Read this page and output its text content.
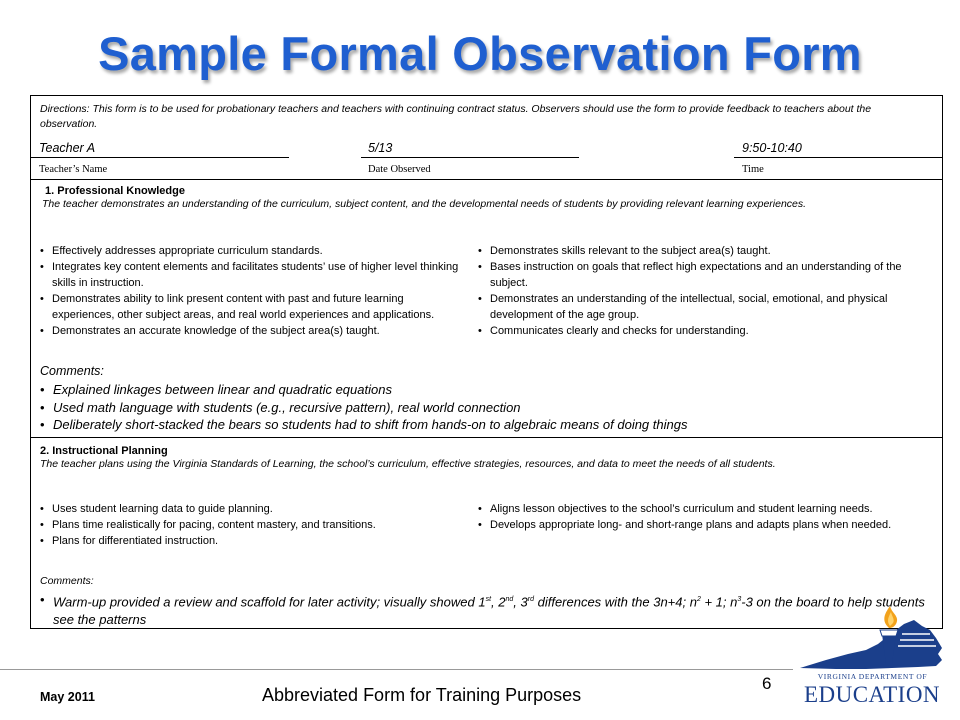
Sample Formal Observation Form
Directions: This form is to be used for probationary teachers and teachers with continuing contract status. Observers should use the form to provide feedback to teachers about the observation.
Teacher A	5/13	9:50-10:40
Teacher’s Name	Date Observed	Time
1. Professional Knowledge
The teacher demonstrates an understanding of the curriculum, subject content, and the developmental needs of students by providing relevant learning experiences.
• Effectively addresses appropriate curriculum standards.
• Integrates key content elements and facilitates students’ use of higher level thinking skills in instruction.
• Demonstrates ability to link present content with past and future learning experiences, other subject areas, and real world experiences and applications.
• Demonstrates an accurate knowledge of the subject area(s) taught.
• Demonstrates skills relevant to the subject area(s) taught.
• Bases instruction on goals that reflect high expectations and an understanding of the subject.
• Demonstrates an understanding of the intellectual, social, emotional, and physical development of the age group.
• Communicates clearly and checks for understanding.
Comments:
• Explained linkages between linear and quadratic equations
• Used math language with students (e.g., recursive pattern), real world connection
• Deliberately short-stacked the bears so students had to shift from hands-on to algebraic means of doing things
2. Instructional Planning
The teacher plans using the Virginia Standards of Learning, the school’s curriculum, effective strategies, resources, and data to meet the needs of all students.
• Uses student learning data to guide planning.
• Plans time realistically for pacing, content mastery, and transitions.
• Plans for differentiated instruction.
• Aligns lesson objectives to the school’s curriculum and student learning needs.
• Develops appropriate long- and short-range plans and adapts plans when needed.
Comments:
• Warm-up provided a review and scaffold for later activity; visually showed 1st, 2nd, 3rd differences with the 3n+4; $n^2 + 1$; $n^3-3$ on the board to help students see the patterns
May 2011	Abbreviated Form for Training Purposes
6	VIRGINIA DEPARTMENT OF
EDUCATION
